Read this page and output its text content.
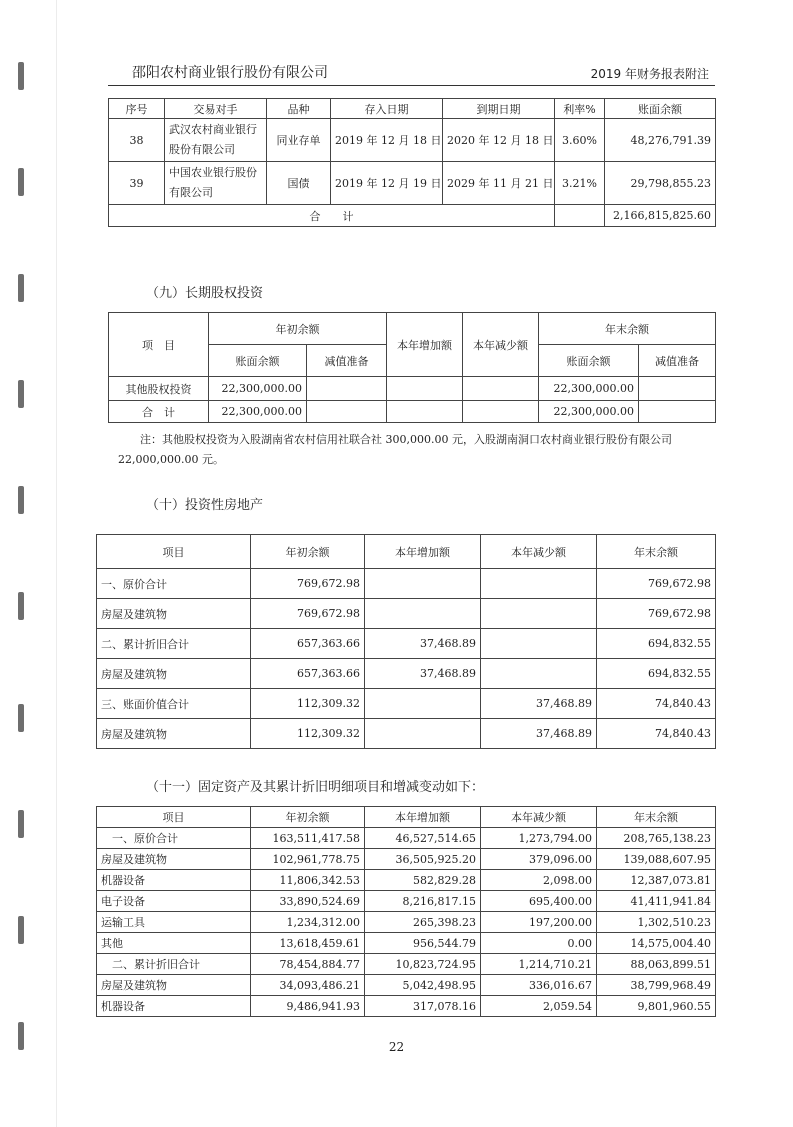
邵阳农村商业银行股份有限公司	2019 年财务报表附注
序号	交易对手	品种	存入日期	到期日期	利率%	账面余额
38	武汉农村商业银行股份有限公司	同业存单	2019 年 12 月 18 日	2020 年 12 月 18 日	3.60%	48,276,791.39
39	中国农业银行股份有限公司	国债	2019 年 12 月 19 日	2029 年 11 月 21 日	3.21%	29,798,855.23
合　　计						2,166,815,825.60
（九）长期股权投资
项　目	年初余额		本年增加额	本年减少额	年末余额	
	账面余额	减值准备			账面余额	减值准备
其他股权投资	22,300,000.00				22,300,000.00	
合　计	22,300,000.00				22,300,000.00	
注：其他股权投资为入股湖南省农村信用社联合社 300,000.00 元，入股湖南洞口农村商业银行股份有限公司 22,000,000.00 元。
（十）投资性房地产
项目	年初余额	本年增加额	本年减少额	年末余额
一、原价合计	769,672.98			769,672.98
房屋及建筑物	769,672.98			769,672.98
二、累计折旧合计	657,363.66	37,468.89		694,832.55
房屋及建筑物	657,363.66	37,468.89		694,832.55
三、账面价值合计	112,309.32		37,468.89	74,840.43
房屋及建筑物	112,309.32		37,468.89	74,840.43
（十一）固定资产及其累计折旧明细项目和增减变动如下：
项目	年初余额	本年增加额	本年减少额	年末余额
　一、原价合计	163,511,417.58	46,527,514.65	1,273,794.00	208,765,138.23
房屋及建筑物	102,961,778.75	36,505,925.20	379,096.00	139,088,607.95
机器设备	11,806,342.53	582,829.28	2,098.00	12,387,073.81
电子设备	33,890,524.69	8,216,817.15	695,400.00	41,411,941.84
运输工具	1,234,312.00	265,398.23	197,200.00	1,302,510.23
其他	13,618,459.61	956,544.79	0.00	14,575,004.40
　二、累计折旧合计	78,454,884.77	10,823,724.95	1,214,710.21	88,063,899.51
房屋及建筑物	34,093,486.21	5,042,498.95	336,016.67	38,799,968.49
机器设备	9,486,941.93	317,078.16	2,059.54	9,801,960.55
22
